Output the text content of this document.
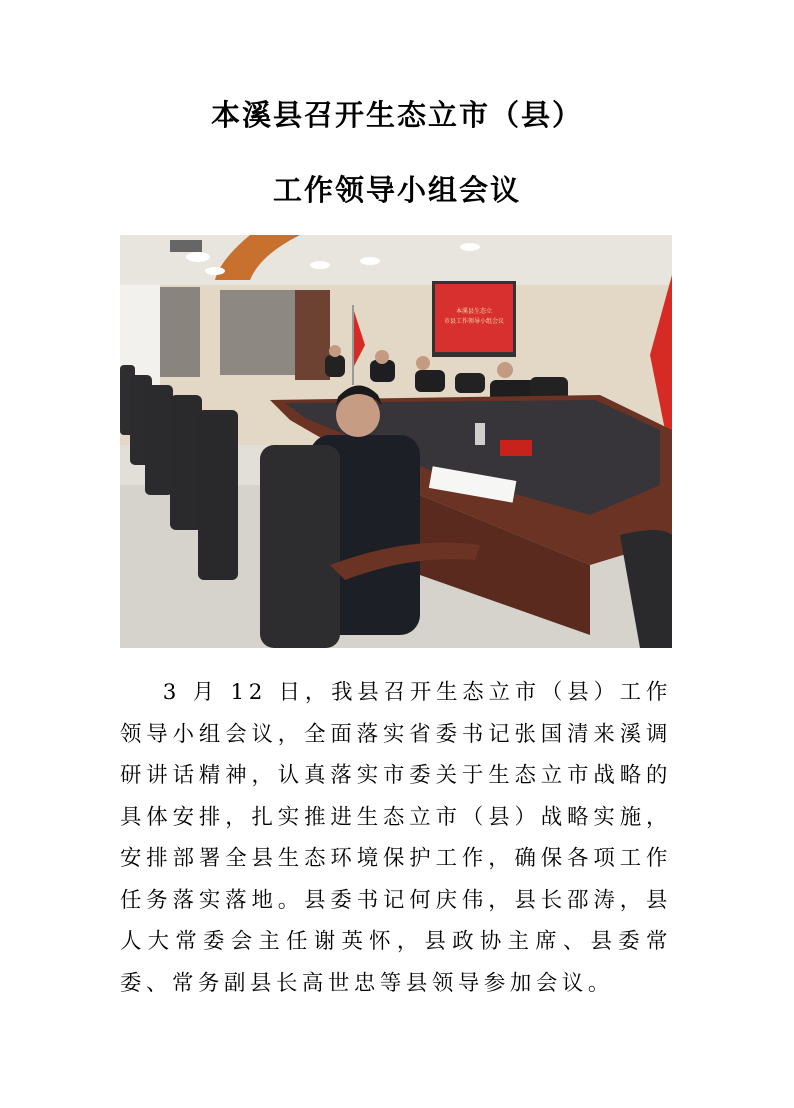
本溪县召开生态立市（县）
工作领导小组会议
本溪县生态立
市县工作领导小组会议

3 月 12 日，我县召开生态立市（县）工作领导小组会议，全面落实省委书记张国清来溪调研讲话精神，认真落实市委关于生态立市战略的具体安排，扎实推进生态立市（县）战略实施，安排部署全县生态环境保护工作，确保各项工作任务落实落地。县委书记何庆伟，县长邵涛，县人大常委会主任谢英怀，县政协主席、县委常委、常务副县长高世忠等县领导参加会议。
